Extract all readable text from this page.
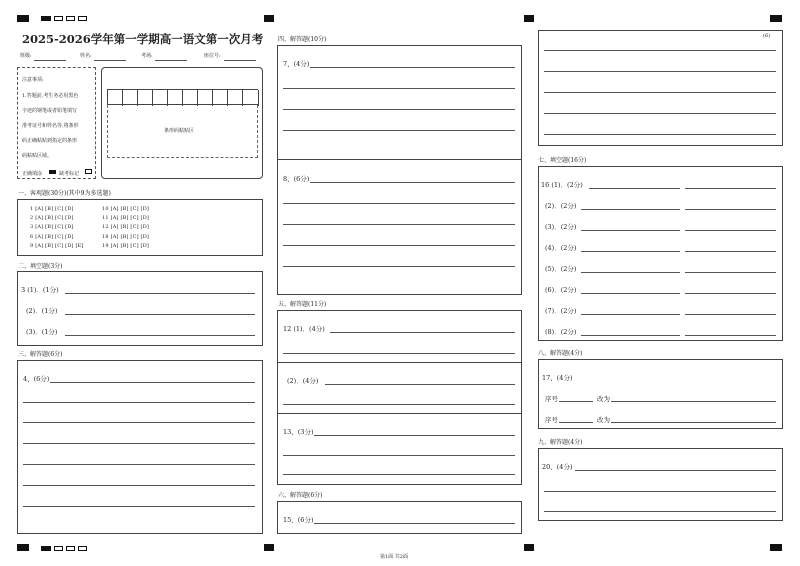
2025-2026学年第一学期高一语文第一次月考
班级:	姓名:	考场:	座位号:
注意事项:
1.答题前,考生务必用黑色
字迹的钢笔或者铅笔填写
准考证号和姓名等,将条形
码正确粘贴到指定的条形
码粘贴区域。
正确填涂	缺考标记
条形码粘贴区
一、客观题(30分)(其中9为多选题)
1 [A] [B] [C] [D]
2 [A] [B] [C] [D]
3 [A] [B] [C] [D]
6 [A] [B] [C] [D]
9 [A] [B] [C] [D] [E]
10 [A] [B] [C] [D]
11 [A] [B] [C] [D]
12 [A] [B] [C] [D]
18 [A] [B] [C] [D]
19 [A] [B] [C] [D]
二、填空题(3分)
3 (1)．(1分)
(2)．(1分)
(3)．(1分)
三、解答题(6分)
4、(6分)
四、解答题(10分)
7、(4分)
8、(6分)
五、解答题(11分)
12 (1)．(4分)
(2)．(4分)
13、(3分)
六、解答题(6分)
15、(6分)
(6)
七、填空题(16分)
16 (1)．(2分)
(2)．(2分)
(3)．(2分)
(4)．(2分)
(5)．(2分)
(6)．(2分)
(7)．(2分)
(8)．(2分)
八、解答题(4分)
17、(4分)
序号	改为
序号	改为
九、解答题(4分)
20、(4分)
第1面 共2面
